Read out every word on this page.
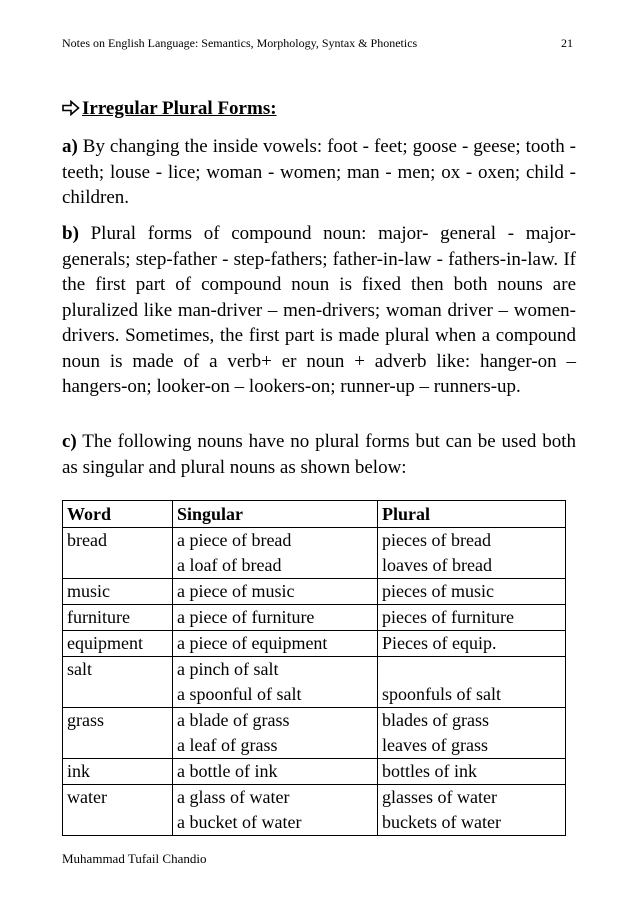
Notes on English Language: Semantics, Morphology, Syntax & Phonetics	21
Irregular Plural Forms:
a) By changing the inside vowels: foot - feet; goose - geese; tooth - teeth; louse - lice; woman - women; man - men; ox - oxen; child - children.
b) Plural forms of compound noun: major- general - major-generals; step-father - step-fathers; father-in-law - fathers-in-law. If the first part of compound noun is fixed then both nouns are pluralized like man-driver – men-drivers; woman driver – women-drivers. Sometimes, the first part is made plural when a compound noun is made of a verb+ er noun + adverb like: hanger-on – hangers-on; looker-on – lookers-on; runner-up – runners-up.
c) The following nouns have no plural forms but can be used both as singular and plural nouns as shown below:
Word	Singular	Plural
bread	a piece of bread	pieces of bread
	a loaf of bread	loaves of bread
music	a piece of music	pieces of music
furniture	a piece of furniture	pieces of furniture
equipment	a piece of equipment	Pieces of equip.
salt	a pinch of salt	
	a spoonful of salt	spoonfuls of salt
grass	a blade of grass	blades of grass
	a leaf of grass	leaves of grass
ink	a bottle of ink	bottles of ink
water	a glass of water	glasses of water
	a bucket of water	buckets of water
Muhammad Tufail Chandio
